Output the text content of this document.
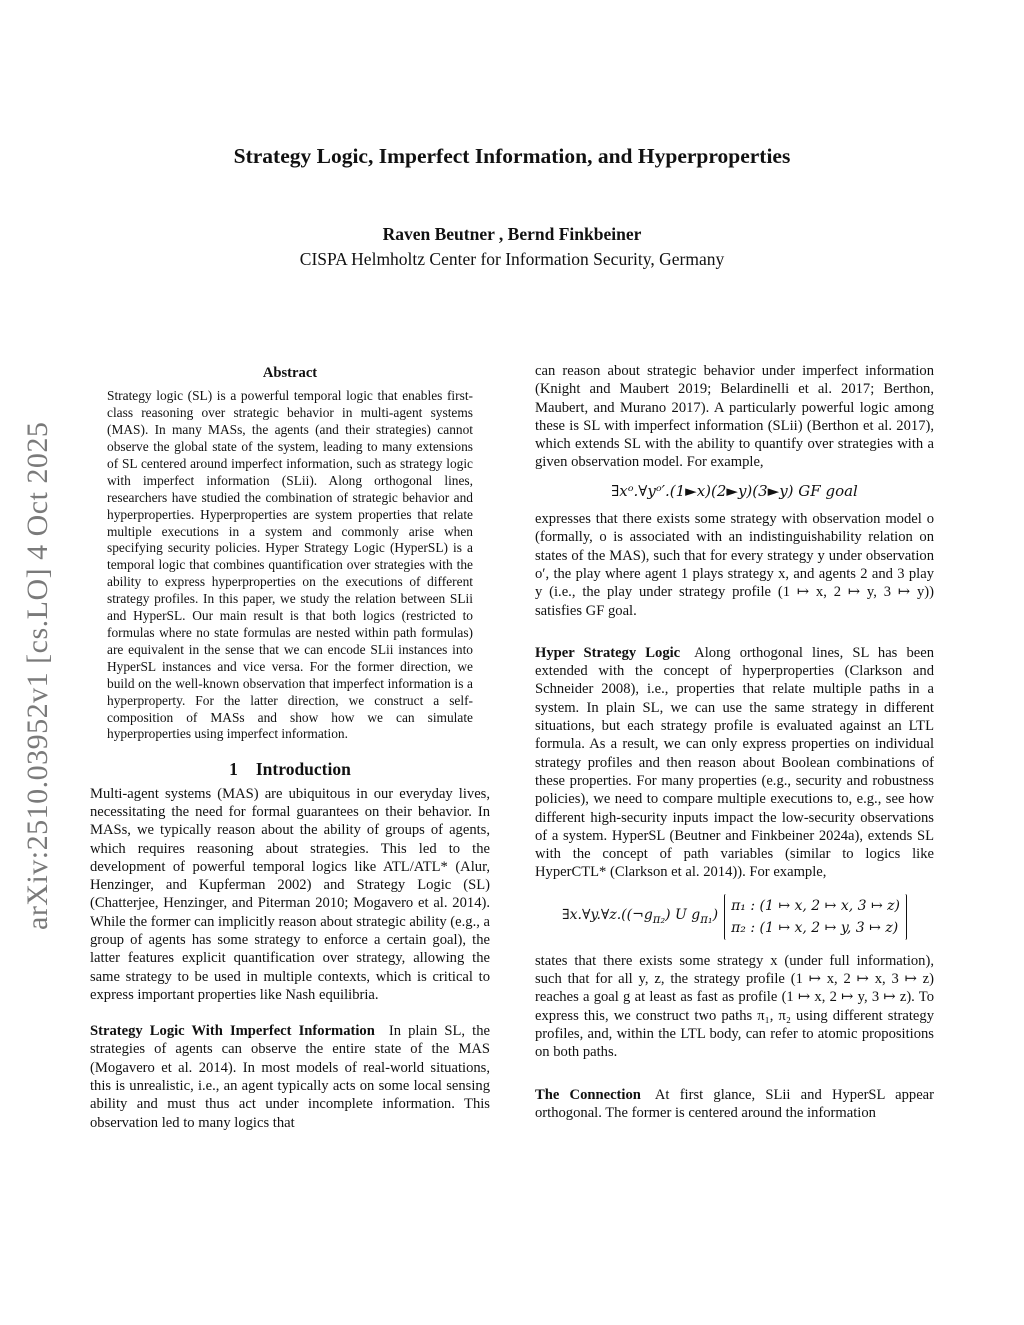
arXiv:2510.03952v1 [cs.LO] 4 Oct 2025
Strategy Logic, Imperfect Information, and Hyperproperties
Raven Beutner , Bernd Finkbeiner
CISPA Helmholtz Center for Information Security, Germany
Abstract
Strategy logic (SL) is a powerful temporal logic that enables first-class reasoning over strategic behavior in multi-agent systems (MAS). In many MASs, the agents (and their strategies) cannot observe the global state of the system, leading to many extensions of SL centered around imperfect information, such as strategy logic with imperfect information (SLii). Along orthogonal lines, researchers have studied the combination of strategic behavior and hyperproperties. Hyperproperties are system properties that relate multiple executions in a system and commonly arise when specifying security policies. Hyper Strategy Logic (HyperSL) is a temporal logic that combines quantification over strategies with the ability to express hyperproperties on the executions of different strategy profiles. In this paper, we study the relation between SLii and HyperSL. Our main result is that both logics (restricted to formulas where no state formulas are nested within path formulas) are equivalent in the sense that we can encode SLii instances into HyperSL instances and vice versa. For the former direction, we build on the well-known observation that imperfect information is a hyperproperty. For the latter direction, we construct a self-composition of MASs and show how we can simulate hyperproperties using imperfect information.
1 Introduction

Multi-agent systems (MAS) are ubiquitous in our everyday lives, necessitating the need for formal guarantees on their behavior. In MASs, we typically reason about the ability of groups of agents, which requires reasoning about strategies. This led to the development of powerful temporal logics like ATL/ATL* (Alur, Henzinger, and Kupferman 2002) and Strategy Logic (SL) (Chatterjee, Henzinger, and Piterman 2010; Mogavero et al. 2014). While the former can implicitly reason about strategic ability (e.g., a group of agents has some strategy to enforce a certain goal), the latter features explicit quantification over strategy, allowing the same strategy to be used in multiple contexts, which is critical to express important properties like Nash equilibria.

Strategy Logic With Imperfect Information In plain SL, the strategies of agents can observe the entire state of the MAS (Mogavero et al. 2014). In most models of real-world situations, this is unrealistic, i.e., an agent typically acts on some local sensing ability and must thus act under incomplete information. This observation led to many logics that

can reason about strategic behavior under imperfect information (Knight and Maubert 2019; Belardinelli et al. 2017; Berthon, Maubert, and Murano 2017). A particularly powerful logic among these is SL with imperfect information (SLii) (Berthon et al. 2017), which extends SL with the ability to quantify over strategies with a given observation model. For example,

∃xᵒ.∀yᵒ′.(1►x)(2►y)(3►y) GF goal

expresses that there exists some strategy with observation model o (formally, o is associated with an indistinguishability relation on states of the MAS), such that for every strategy y under observation o′, the play where agent 1 plays strategy x, and agents 2 and 3 play y (i.e., the play under strategy profile (1 ↦ x, 2 ↦ y, 3 ↦ y)) satisfies GF goal.

Hyper Strategy Logic Along orthogonal lines, SL has been extended with the concept of hyperproperties (Clarkson and Schneider 2008), i.e., properties that relate multiple paths in a system. In plain SL, we can use the same strategy in different situations, but each strategy profile is evaluated against an LTL formula. As a result, we can only express properties on individual strategy profiles and then reason about Boolean combinations of these properties. For many properties (e.g., security and robustness policies), we need to compare multiple executions to, e.g., see how different high-security inputs impact the low-security observations of a system. HyperSL (Beutner and Finkbeiner 2024a), extends SL with the concept of path variables (similar to logics like HyperCTL* (Clarkson et al. 2014)). For example,

$\exists x.\forall y.\forall z.((\neg g_{\pi_2})$ U $g_{\pi_1}$)
π₁ : (1 ↦ x, 2 ↦ x, 3 ↦ z)
π₂ : (1 ↦ x, 2 ↦ y, 3 ↦ z)

states that there exists some strategy x (under full information), such that for all y, z, the strategy profile (1 ↦ x, 2 ↦ x, 3 ↦ z) reaches a goal g at least as fast as profile (1 ↦ x, 2 ↦ y, 3 ↦ z). To express this, we construct two paths π₁, π₂ using different strategy profiles, and, within the LTL body, can refer to atomic propositions on both paths.

The Connection At first glance, SLii and HyperSL appear orthogonal. The former is centered around the information
